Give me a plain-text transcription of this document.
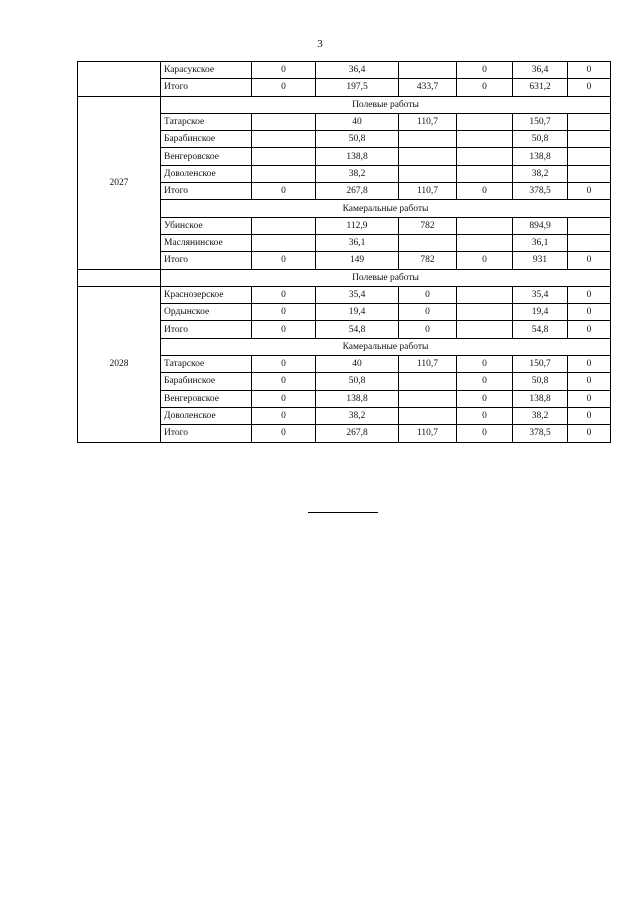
3
	Карасукское	0	36,4		0	36,4	0
	Итого	0	197,5	433,7	0	631,2	0
2027	Полевые работы						
	Татарское		40	110,7		150,7	
	Барабинское		50,8			50,8	
	Венгеровское		138,8			138,8	
	Доволенское		38,2			38,2	
	Итого	0	267,8	110,7	0	378,5	0
	Камеральные работы						
	Убинское		112,9	782		894,9	
	Маслянинское		36,1			36,1	
	Итого	0	149	782	0	931	0
	Полевые работы						
2028	Краснозерское	0	35,4	0		35,4	0
	Ордынское	0	19,4	0		19,4	0
	Итого	0	54,8	0		54,8	0
	Камеральные работы						
	Татарское	0	40	110,7	0	150,7	0
	Барабинское	0	50,8		0	50,8	0
	Венгеровское	0	138,8		0	138,8	0
	Доволенское	0	38,2		0	38,2	0
	Итого	0	267,8	110,7	0	378,5	0
